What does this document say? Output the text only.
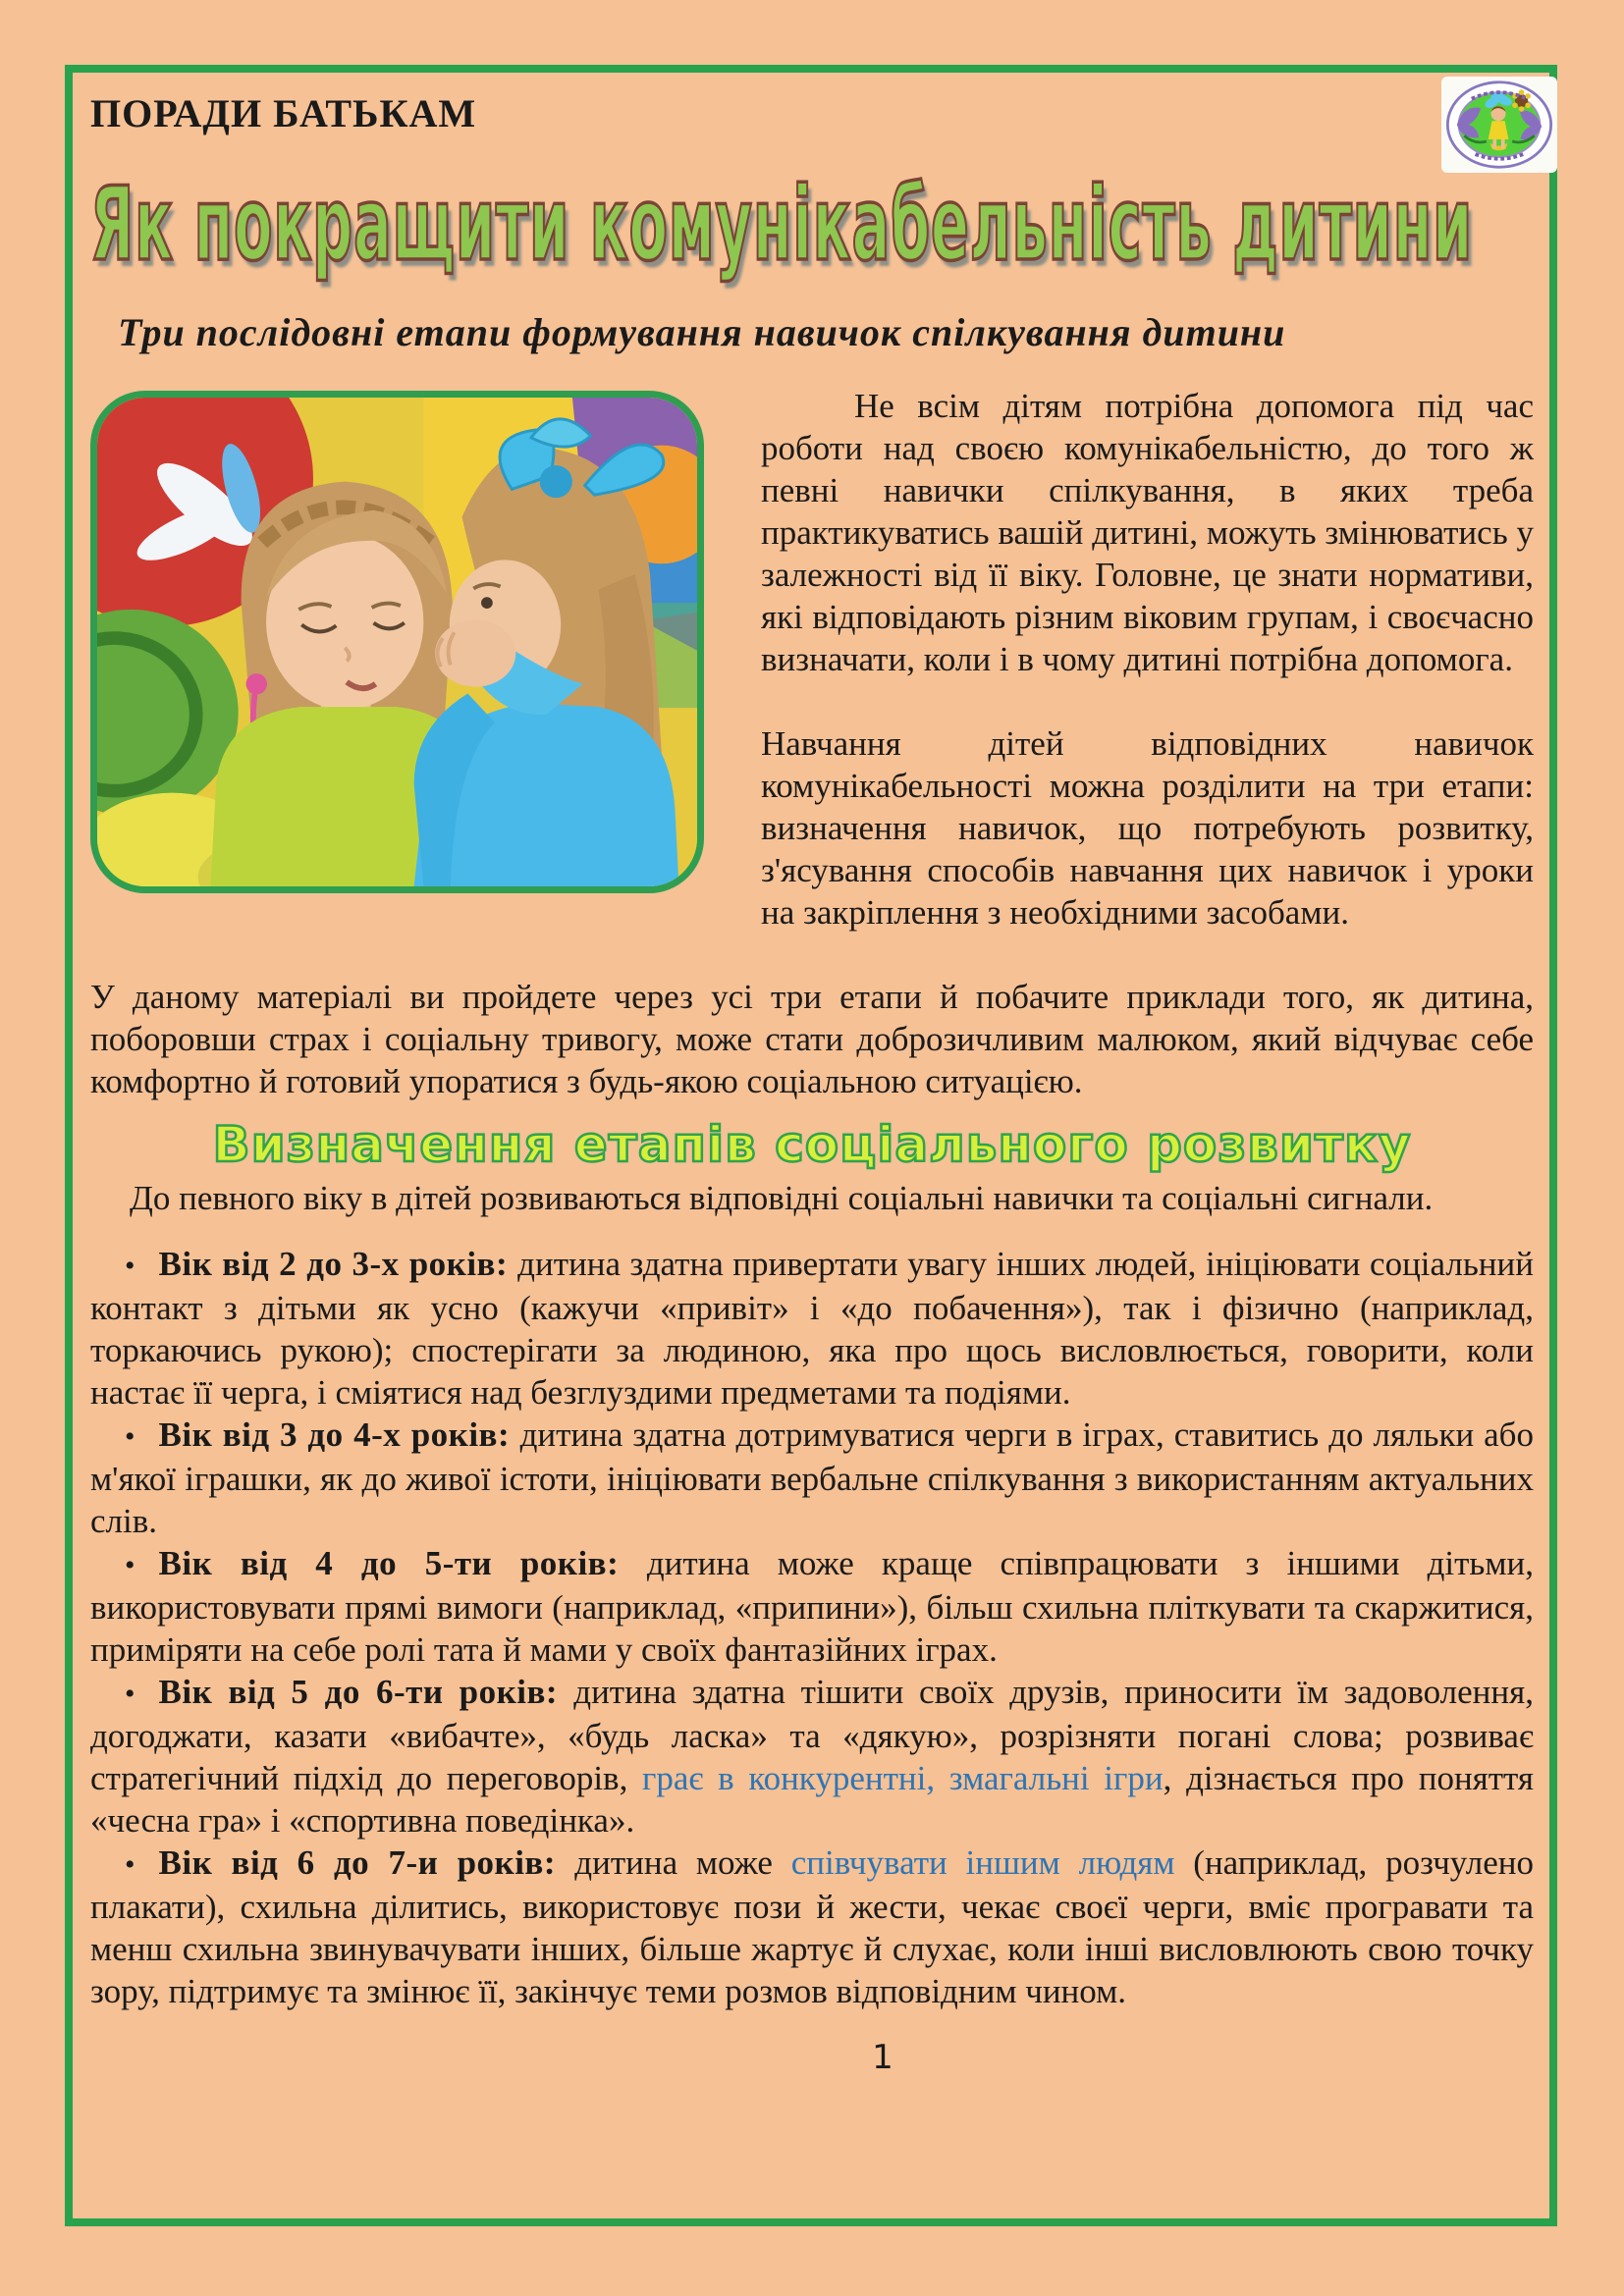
ПОРАДИ БАТЬКАМ
Як покращити комунікабельність дитини
Три послідовні етапи формування навичок спілкування дитини

Не всім дітям потрібна допомога під час роботи над своєю комунікабельністю, до того ж певні навички спілкування, в яких треба практикуватись вашій дитині, можуть змінюватись у залежності від її віку. Головне, це знати нормативи, які відповідають різним віковим групам, і своєчасно визначати, коли і в чому дитині потрібна допомога.

Навчання дітей відповідних навичок комунікабельності можна розділити на три етапи: визначення навичок, що потребують розвитку, з'ясування способів навчання цих навичок і уроки на закріплення з необхідними засобами.

У даному матеріалі ви пройдете через усі три етапи й побачите приклади того, як дитина, поборовши страх і соціальну тривогу, може стати доброзичливим малюком, який відчуває себе комфортно й готовий упоратися з будь-якою соціальною ситуацією.

Визначення етапів соціального розвитку

До певного віку в дітей розвиваються відповідні соціальні навички та соціальні сигнали.

• Вік від 2 до 3-х років: дитина здатна привертати увагу інших людей, ініціювати соціальний контакт з дітьми як усно (кажучи «привіт» і «до побачення»), так і фізично (наприклад, торкаючись рукою); спостерігати за людиною, яка про щось висловлюється, говорити, коли настає її черга, і сміятися над безглуздими предметами та подіями.

• Вік від 3 до 4-х років: дитина здатна дотримуватися черги в іграх, ставитись до ляльки або м'якої іграшки, як до живої істоти, ініціювати вербальне спілкування з використанням актуальних слів.

• Вік від 4 до 5-ти років: дитина може краще співпрацювати з іншими дітьми, використовувати прямі вимоги (наприклад, «припини»), більш схильна пліткувати та скаржитися, приміряти на себе ролі тата й мами у своїх фантазійних іграх.

• Вік від 5 до 6-ти років: дитина здатна тішити своїх друзів, приносити їм задоволення, догоджати, казати «вибачте», «будь ласка» та «дякую», розрізняти погані слова; розвиває стратегічний підхід до переговорів, грає в конкурентні, змагальні ігри, дізнається про поняття «чесна гра» і «спортивна поведінка».

• Вік від 6 до 7-и років: дитина може співчувати іншим людям (наприклад, розчулено плакати), схильна ділитись, використовує пози й жести, чекає своєї черги, вміє програвати та менш схильна звинувачувати інших, більше жартує й слухає, коли інші висловлюють свою точку зору, підтримує та змінює її, закінчує теми розмов відповідним чином.

1
